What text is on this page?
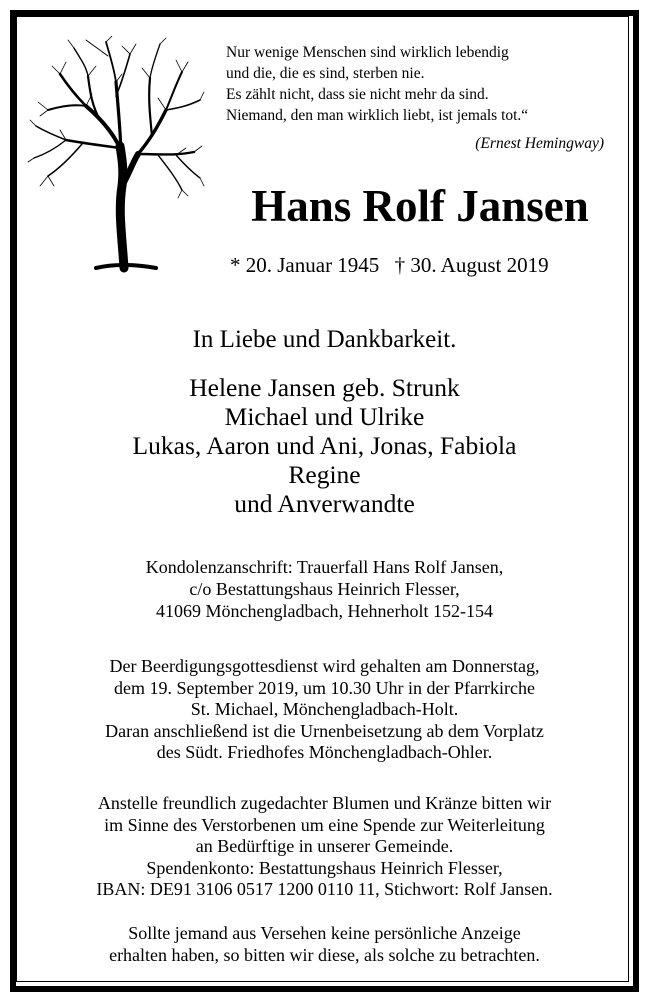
Nur wenige Menschen sind wirklich lebendig
und die, die es sind, sterben nie.
Es zählt nicht, dass sie nicht mehr da sind.
Niemand, den man wirklich liebt, ist jemals tot.“
(Ernest Hemingway)
Hans Rolf Jansen
* 20. Januar 1945 † 30. August 2019
In Liebe und Dankbarkeit.
Helene Jansen geb. Strunk
Michael und Ulrike
Lukas, Aaron und Ani, Jonas, Fabiola
Regine
und Anverwandte
Kondolenzanschrift: Trauerfall Hans Rolf Jansen,
c/o Bestattungshaus Heinrich Flesser,
41069 Mönchengladbach, Hehnerholt 152-154
Der Beerdigungsgottesdienst wird gehalten am Donnerstag,
dem 19. September 2019, um 10.30 Uhr in der Pfarrkirche
St. Michael, Mönchengladbach-Holt.
Daran anschließend ist die Urnenbeisetzung ab dem Vorplatz
des Südt. Friedhofes Mönchengladbach-Ohler.
Anstelle freundlich zugedachter Blumen und Kränze bitten wir
im Sinne des Verstorbenen um eine Spende zur Weiterleitung
an Bedürftige in unserer Gemeinde.
Spendenkonto: Bestattungshaus Heinrich Flesser,
IBAN: DE91 3106 0517 1200 0110 11, Stichwort: Rolf Jansen.
Sollte jemand aus Versehen keine persönliche Anzeige
erhalten haben, so bitten wir diese, als solche zu betrachten.
